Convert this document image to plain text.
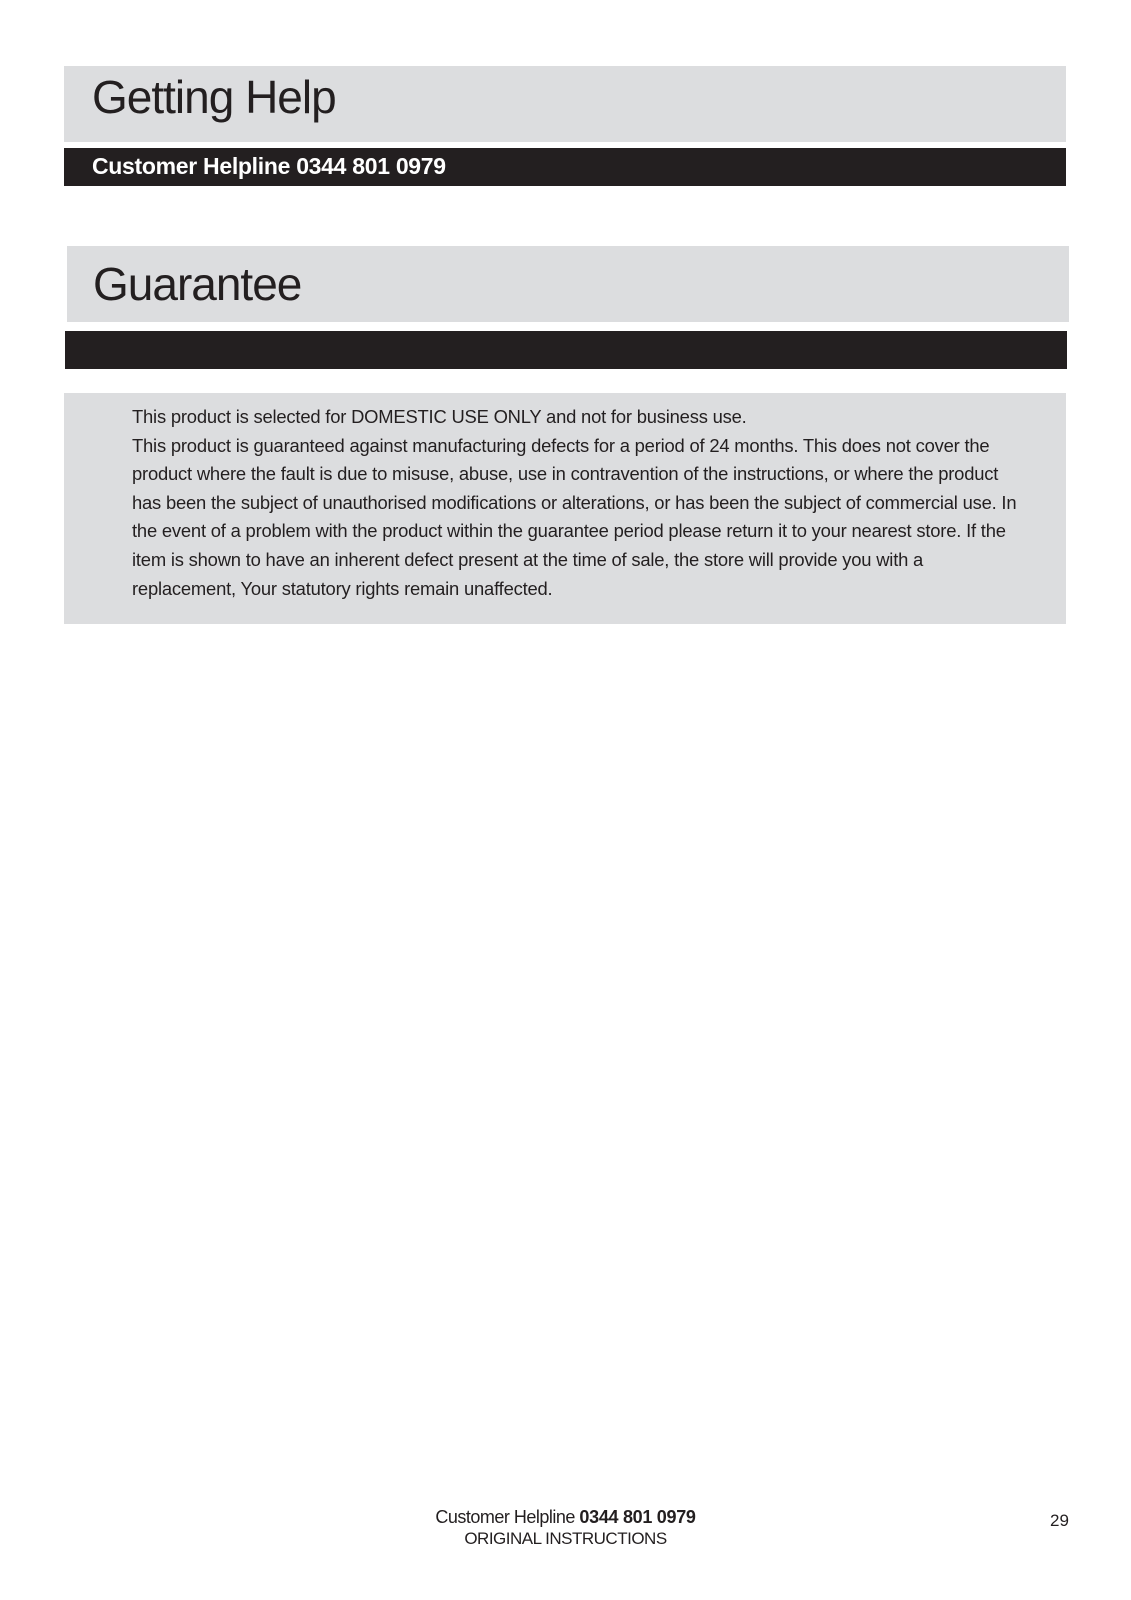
Getting Help
Customer Helpline 0344 801 0979
Guarantee

This product is selected for DOMESTIC USE ONLY and not for business use.

This product is guaranteed against manufacturing defects for a period of 24 months. This does not cover the product where the fault is due to misuse, abuse, use in contravention of the instructions, or where the product has been the subject of unauthorised modifications or alterations, or has been the subject of commercial use. In the event of a problem with the product within the guarantee period please return it to your nearest store. If the item is shown to have an inherent defect present at the time of sale, the store will provide you with a replacement, Your statutory rights remain unaffected.

Customer Helpline 0344 801 0979
ORIGINAL INSTRUCTIONS
29
